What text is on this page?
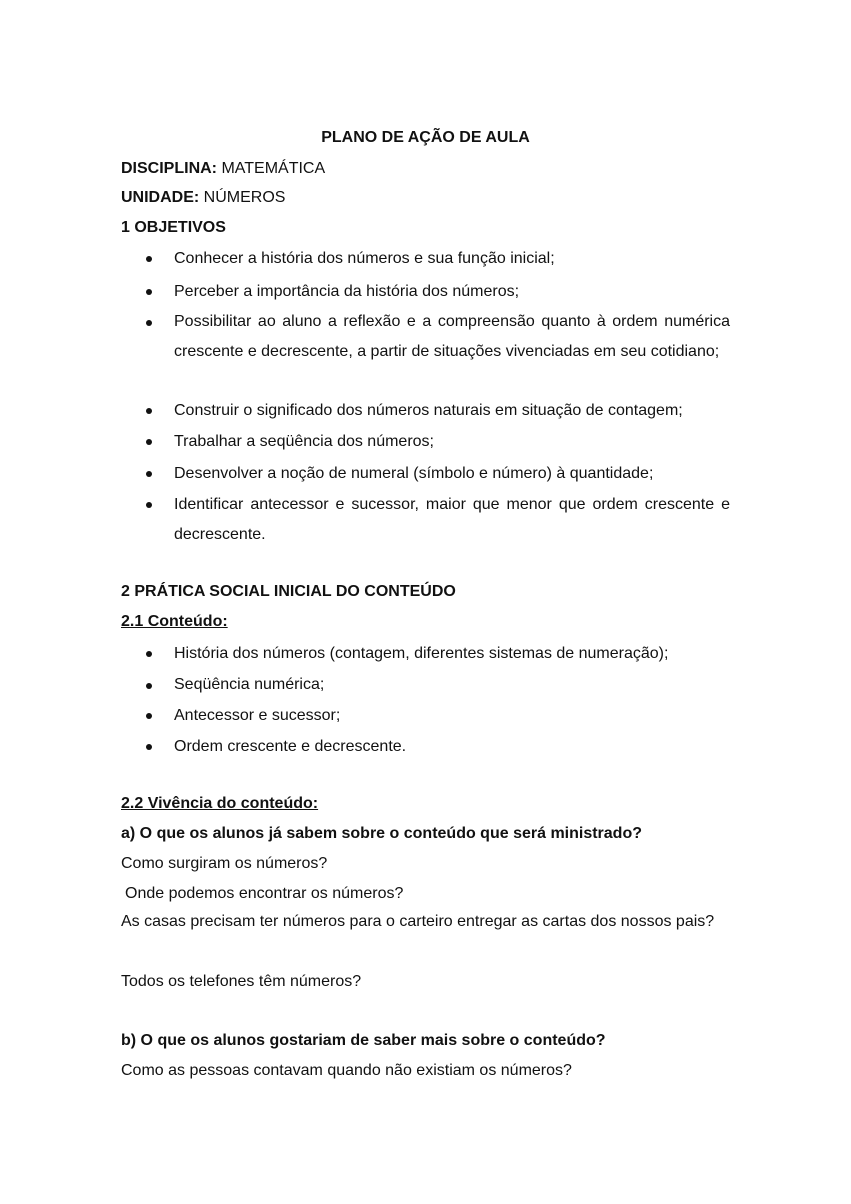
PLANO DE AÇÃO DE AULA
DISCIPLINA: MATEMÁTICA
UNIDADE: NÚMEROS
1 OBJETIVOS
Conhecer a história dos números e sua função inicial;
Perceber a importância da história dos números;
Possibilitar ao aluno a reflexão e a compreensão quanto à ordem numérica crescente e decrescente, a partir de situações vivenciadas em seu cotidiano;
Construir o significado dos números naturais em situação de contagem;
Trabalhar a seqüência dos números;
Desenvolver a noção de numeral (símbolo e número) à quantidade;
Identificar antecessor e sucessor, maior que menor que ordem crescente e decrescente.
2 PRÁTICA SOCIAL INICIAL DO CONTEÚDO
2.1 Conteúdo:
História dos números (contagem, diferentes sistemas de numeração);
Seqüência numérica;
Antecessor e sucessor;
Ordem crescente e decrescente.
2.2 Vivência do conteúdo:
a) O que os alunos já sabem sobre o conteúdo que será ministrado?
Como surgiram os números?
Onde podemos encontrar os números?
As casas precisam ter números para o carteiro entregar as cartas dos nossos pais?
Todos os telefones têm números?
b) O que os alunos gostariam de saber mais sobre o conteúdo?
Como as pessoas contavam quando não existiam os números?
